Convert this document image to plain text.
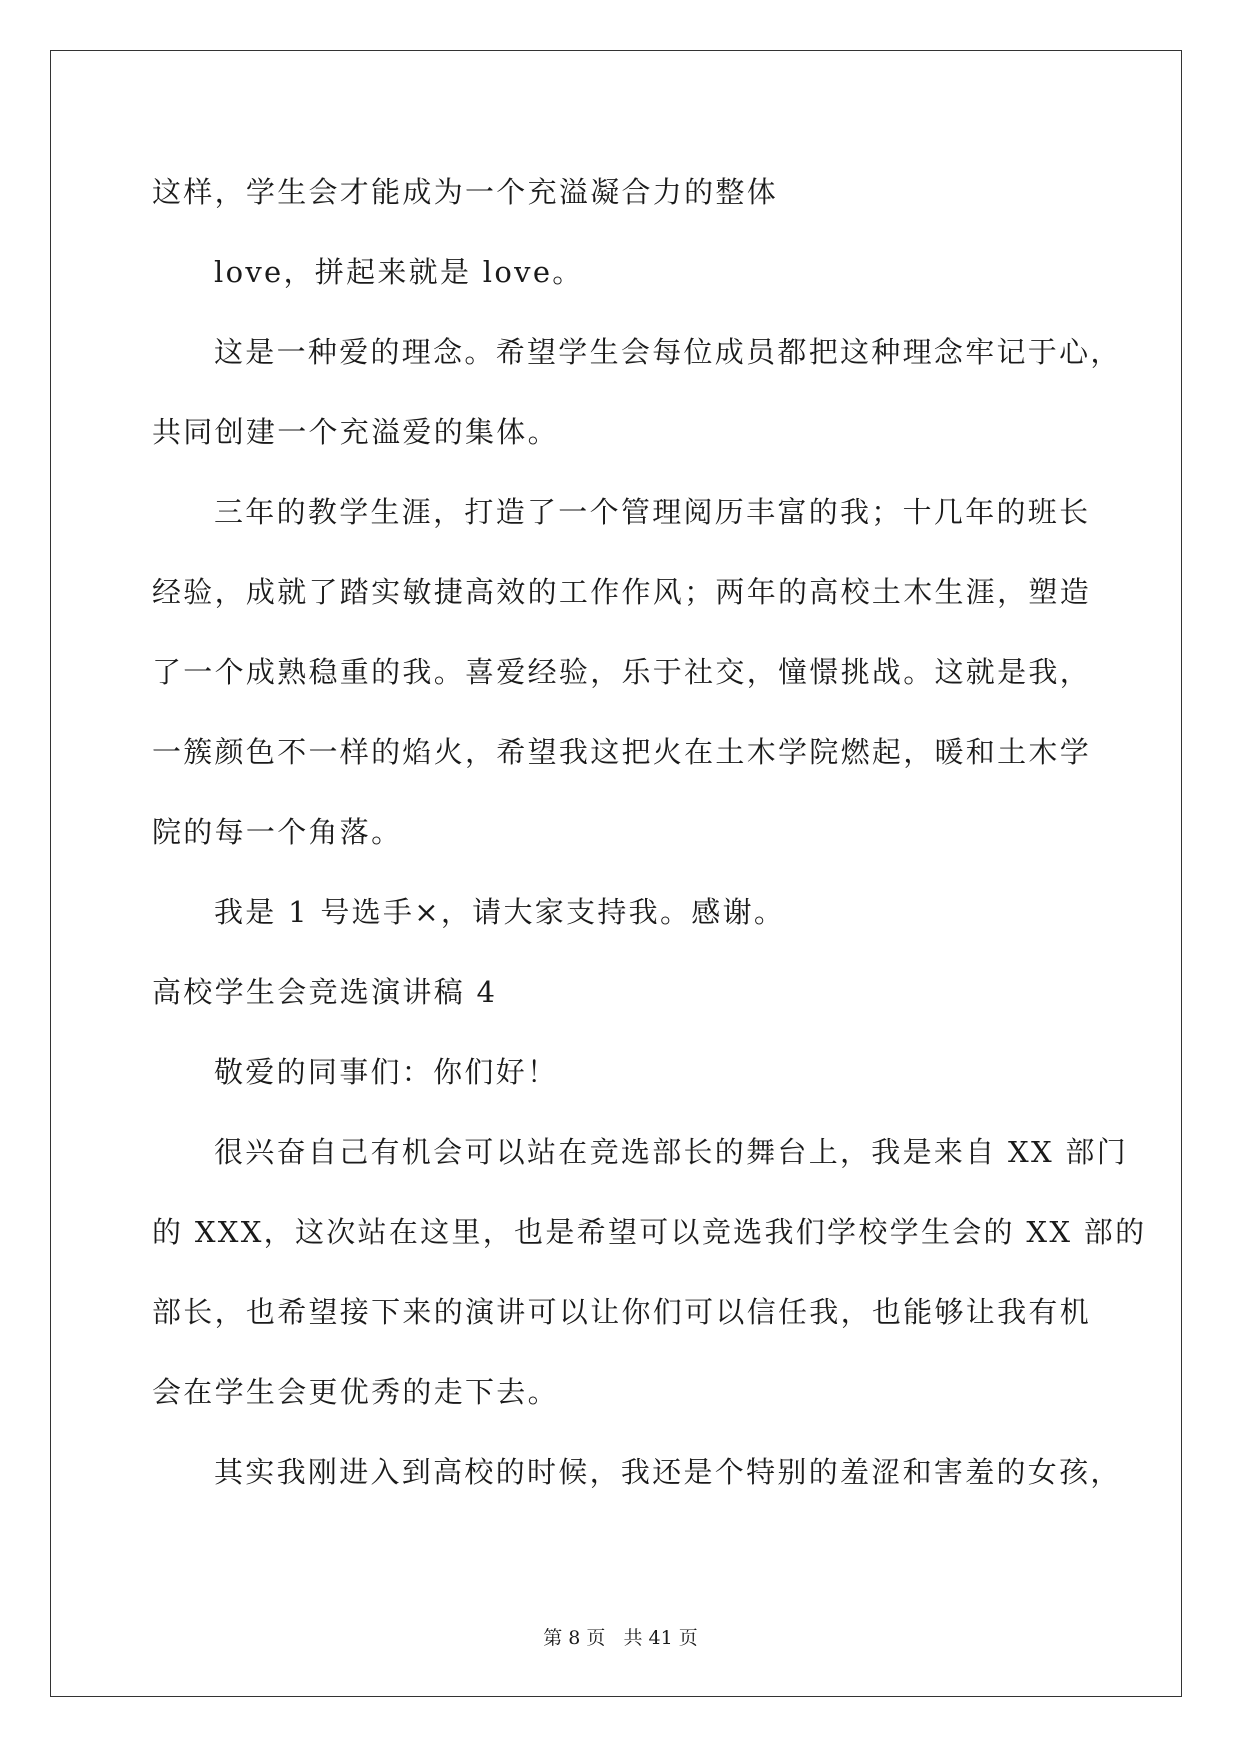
这样，学生会才能成为一个充溢凝合力的整体
love，拼起来就是 love。
这是一种爱的理念。希望学生会每位成员都把这种理念牢记于心，
共同创建一个充溢爱的集体。
三年的教学生涯，打造了一个管理阅历丰富的我；十几年的班长
经验，成就了踏实敏捷高效的工作作风；两年的高校土木生涯，塑造
了一个成熟稳重的我。喜爱经验，乐于社交，憧憬挑战。这就是我，
一簇颜色不一样的焰火，希望我这把火在土木学院燃起，暖和土木学
院的每一个角落。
我是 1 号选手×，请大家支持我。感谢。
高校学生会竞选演讲稿 4
敬爱的同事们：你们好！
很兴奋自己有机会可以站在竞选部长的舞台上，我是来自 XX 部门
的 XXX，这次站在这里，也是希望可以竞选我们学校学生会的 XX 部的
部长，也希望接下来的演讲可以让你们可以信任我，也能够让我有机
会在学生会更优秀的走下去。
其实我刚进入到高校的时候，我还是个特别的羞涩和害羞的女孩，
第 8 页   共 41 页
